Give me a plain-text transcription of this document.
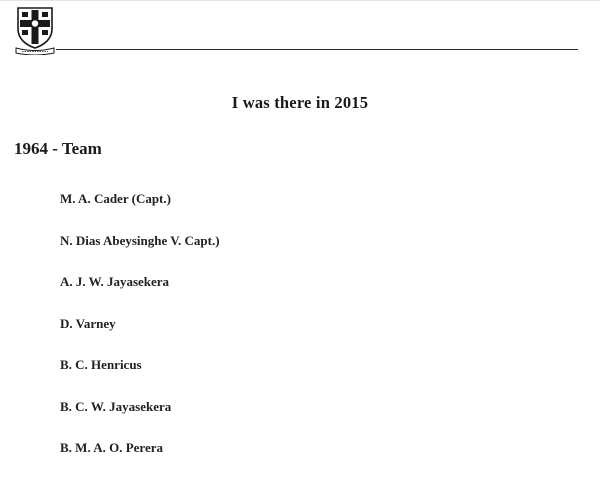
I was there in 2015
1964 - Team
M. A. Cader (Capt.)
N. Dias Abeysinghe V. Capt.)
A. J. W. Jayasekera
D. Varney
B. C. Henricus
B. C. W. Jayasekera
B. M. A. O. Perera
